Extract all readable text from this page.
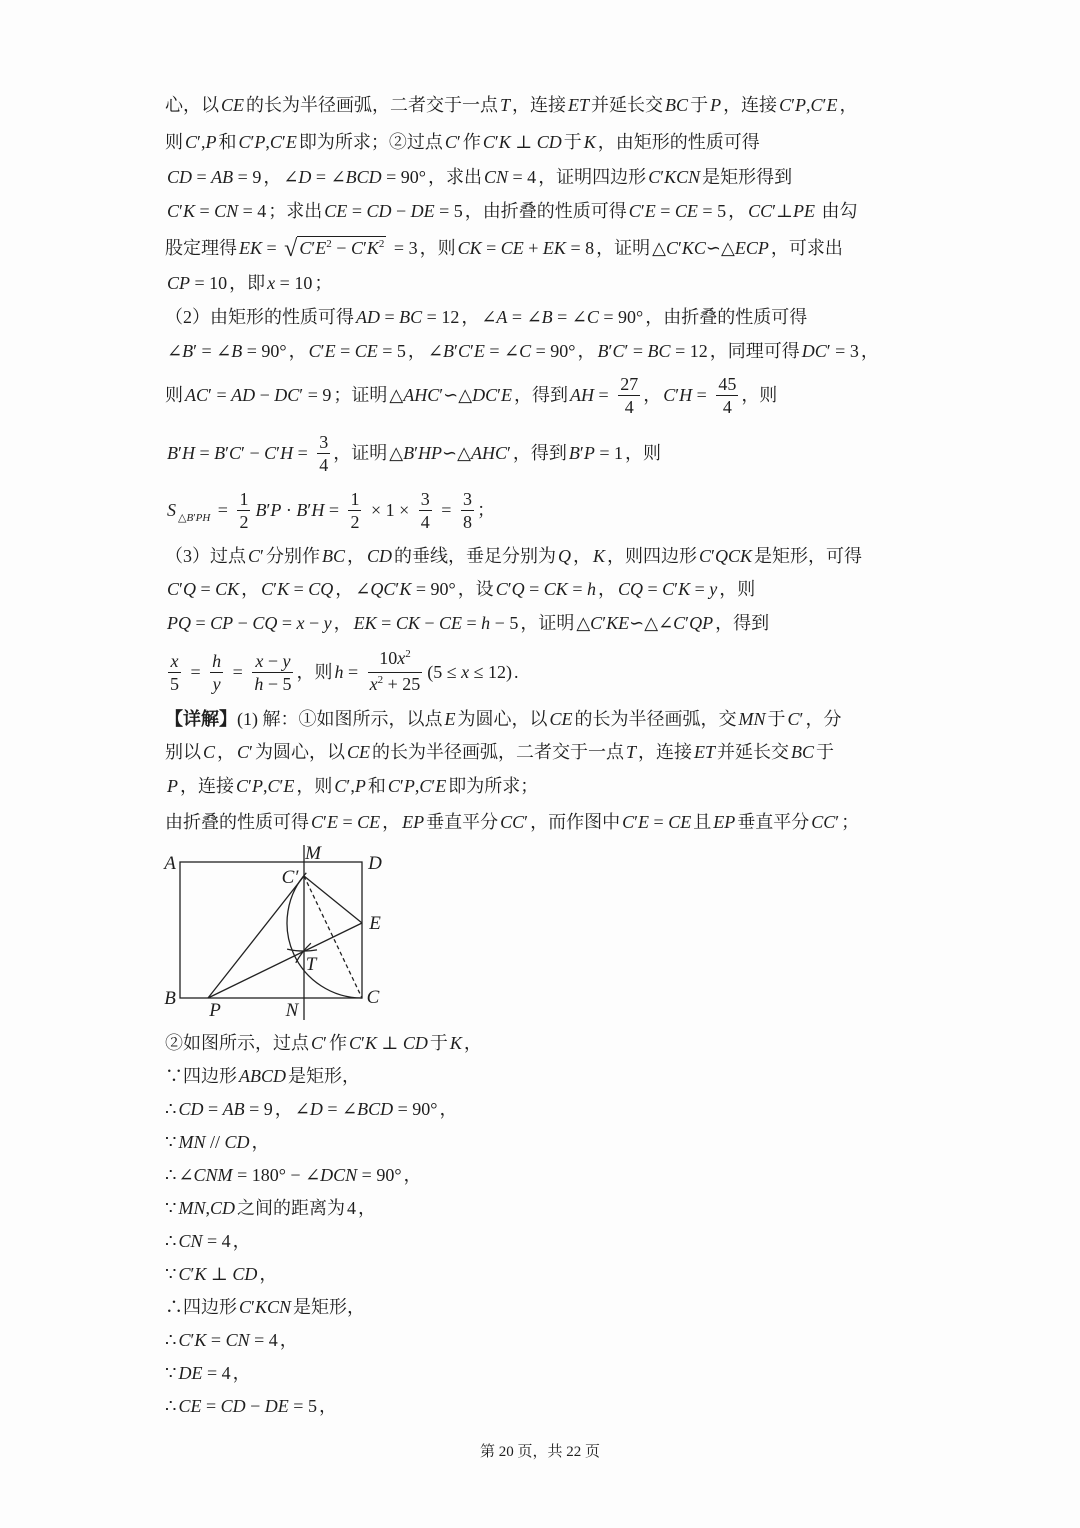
心，以 CE 的长为半径画弧，二者交于一点 T ，连接 ET 并延长交 BC 于 P ，连接 C′P,C′E ，
则 C′,P 和 C′P,C′E 即为所求；②过点 C′ 作 C′K ⊥ CD 于 K ，由矩形的性质可得
CD = AB = 9 ， ∠D = ∠BCD = 90° ，求出 CN = 4 ，证明四边形 C′KCN 是矩形得到
C′K = CN = 4 ；求出 CE = CD − DE = 5 ，由折叠的性质可得 C′E = CE = 5 ， CC′⊥PE 由勾
股定理得 EK = √ $C'E^2 - C'K^2 = 3$ ，则 CK = CE + EK = 8 ，证明 △C′KC∽△ECP ，可求出
CP = 10 ，即 x = 10 ；
（2）由矩形的性质可得 AD = BC = 12 ， ∠A = ∠B = ∠C = 90° ，由折叠的性质可得
∠B′ = ∠B = 90° ， C′E = CE = 5 ， ∠B′C′E = ∠C = 90° ， B′C′ = BC = 12 ，同理可得 DC′ = 3 ，
则 AC′ = AD − DC′ = 9 ；证明 △AHC′∽△DC′E ，得到 AH = $\frac{27}{4}$ ， $C'H = \frac{45}{4}$ ，则
$B'H = B'C' - C'H = \frac{3}{4}$ ，证明 △B′HP∽△AHC′ ，得到 B′P = 1 ，则
S △B′PH = $\frac{1}{2} B'P \cdot B'H = \frac{1}{2} \times 1 \times \frac{3}{4} = \frac{3}{8}$ ；
（3）过点 C′ 分别作 BC ， CD 的垂线，垂足分别为 Q ， K ，则四边形 C′QCK 是矩形，可得
C′Q = CK ， C′K = CQ ， ∠QC′K = 90° ，设 C′Q = CK = h ， CQ = C′K = y ，则
PQ = CP − CQ = x − y ， EK = CK − CE = h − 5 ，证明 △C′KE∽△∠C′QP ，得到
$\frac{x}{5} = \frac{h}{y} = \frac{x - y}{h - 5}$ ，则 $h = \frac{10x^2}{x^2 + 25} (5 \le x \le 12)$ .
【详解】 (1) 解：①如图所示，以点 E 为圆心，以 CE 的长为半径画弧，交 MN 于 C′ ，分
别以 C ， C′ 为圆心，以 CE 的长为半径画弧，二者交于一点 T ，连接 ET 并延长交 BC 于
P ，连接 C′P,C′E ，则 C′,P 和 C′P,C′E 即为所求；
由折叠的性质可得 C′E = CE ， EP 垂直平分 CC′ ，而作图中 C′E = CE 且 EP 垂直平分 CC′ ；
A	M D
C′
E
T
B
P	N
C
②如图所示，过点 C′ 作 C′K ⊥ CD 于 K ，
∵四边形 ABCD 是矩形，
∴ CD = AB = 9 ， ∠D = ∠BCD = 90° ，
∵ MN // CD ，
∴ ∠CNM = 180° − ∠DCN = 90° ，
∵ MN,CD 之间的距离为 4 ，
∴ CN = 4 ，
∵ C′K ⊥ CD ，
∴四边形 C′KCN 是矩形，
∴ C′K = CN = 4 ，
∵ DE = 4 ，
∴ CE = CD − DE = 5 ，
第 20 页，共 22 页
